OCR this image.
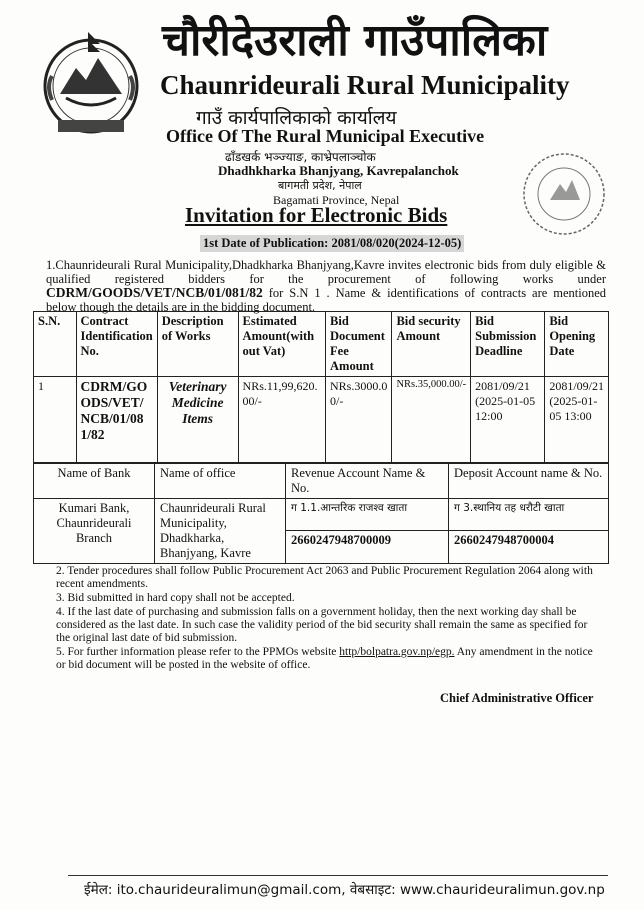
चौरीदेउराली गाउँपालिका
Chaunrideurali Rural Municipality
गाउँ कार्यपालिकाको कार्यालय
Office Of The Rural Municipal Executive
ढाँडखर्क भञ्ज्याङ, काभ्रेपलाञ्चोक
Dhadhkharka Bhanjyang, Kavrepalanchok
बागमती प्रदेश, नेपाल
Bagamati Province, Nepal
Invitation for Electronic Bids
1st Date of Publication: 2081/08/020(2024-12-05)
1.Chaunrideurali Rural Municipality,Dhadkharka Bhanjyang,Kavre invites electronic bids from duly eligible & qualified registered bidders for the procurement of following works under CDRM/GOODS/VET/NCB/01/081/82 for S.N 1 . Name & identifications of contracts are mentioned below though the details are in the bidding document.
S.N.	Contract Identification No.	Description of Works	Estimated Amount(with out Vat)	Bid Document Fee Amount	Bid security Amount	Bid Submission Deadline	Bid Opening Date
1	CDRM/GOODS/VET/NCB/01/081/82	Veterinary Medicine Items	NRs.11,99,620.00/-	NRs.3000.00/-	NRs.35,000.00/-	2081/09/21 (2025-01-05 12:00	2081/09/21 (2025-01-05 13:00
Name of Bank	Name of office	Revenue Account Name & No.	Deposit Account name & No.
Kumari Bank, Chaunrideurali Branch	Chaunrideurali Rural Municipality, Dhadkharka, Bhanjyang, Kavre	ग 1.1.आन्तरिक राजश्व खाता	ग 3.स्थानिय तह धरौटी खाता
		2660247948700009	2660247948700004

2. Tender procedures shall follow Public Procurement Act 2063 and Public Procurement Regulation 2064 along with recent amendments.

3. Bid submitted in hard copy shall not be accepted.

4. If the last date of purchasing and submission falls on a government holiday, then the next working day shall be considered as the last date. In such case the validity period of the bid security shall remain the same as specified for the original last date of bid submission.

5. For further information please refer to the PPMOs website http/bolpatra.gov.np/egp. Any amendment in the notice or bid document will be posted in the website of office.

Chief Administrative Officer
ईमेल: ito.chaurideuralimun@gmail.com, वेबसाइट: www.chaurideuralimun.gov.np
